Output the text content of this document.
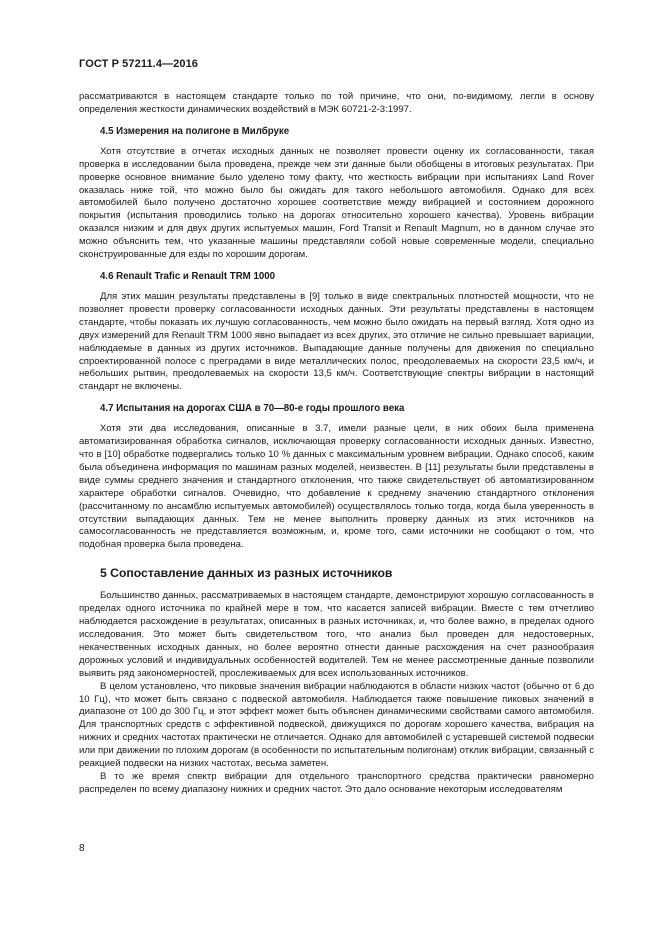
ГОСТ Р 57211.4—2016

рассматриваются в настоящем стандарте только по той причине, что они, по-видимому, легли в основу определения жесткости динамических воздействий в МЭК 60721-2-3:1997.

4.5 Измерения на полигоне в Милбруке

Хотя отсутствие в отчетах исходных данных не позволяет провести оценку их согласованности, такая проверка в исследовании была проведена, прежде чем эти данные были обобщены в итоговых результатах. При проверке основное внимание было уделено тому факту, что жесткость вибрации при испытаниях Land Rover оказалась ниже той, что можно было бы ожидать для такого небольшого автомобиля. Однако для всех автомобилей было получено достаточно хорошее соответствие между вибрацией и состоянием дорожного покрытия (испытания проводились только на дорогах относительно хорошего качества). Уровень вибрации оказался низким и для двух других испытуемых машин, Ford Transit и Renault Magnum, но в данном случае это можно объяснить тем, что указанные машины представляли собой новые современные модели, специально сконструированные для езды по хорошим дорогам.

4.6 Renault Trafic и Renault TRM 1000

Для этих машин результаты представлены в [9] только в виде спектральных плотностей мощности, что не позволяет провести проверку согласованности исходных данных. Эти результаты представлены в настоящем стандарте, чтобы показать их лучшую согласованность, чем можно было ожидать на первый взгляд. Хотя одно из двух измерений для Renault TRM 1000 явно выпадает из всех других, это отличие не сильно превышает вариации, наблюдаемые в данных из других источников. Выпадающие данные получены для движения по специально спроектированной полосе с преградами в виде металлических полос, преодолеваемых на скорости 23,5 км/ч, и небольших рытвин, преодолеваемых на скорости 13,5 км/ч. Соответствующие спектры вибрации в настоящий стандарт не включены.

4.7 Испытания на дорогах США в 70—80-е годы прошлого века

Хотя эти два исследования, описанные в 3.7, имели разные цели, в них обоих была применена автоматизированная обработка сигналов, исключающая проверку согласованности исходных данных. Известно, что в [10] обработке подвергались только 10 % данных с максимальным уровнем вибрации. Однако способ, каким была объединена информация по машинам разных моделей, неизвестен. В [11] результаты были представлены в виде суммы среднего значения и стандартного отклонения, что также свидетельствует об автоматизированном характере обработки сигналов. Очевидно, что добавление к среднему значению стандартного отклонения (рассчитанному по ансамблю испытуемых автомобилей) осуществлялось только тогда, когда была уверенность в отсутствии выпадающих данных. Тем не менее выполнить проверку данных из этих источников на самосогласованность не представляется возможным, и, кроме того, сами источники не сообщают о том, что подобная проверка была проведена.

5 Сопоставление данных из разных источников

Большинство данных, рассматриваемых в настоящем стандарте, демонстрируют хорошую согласованность в пределах одного источника по крайней мере в том, что касается записей вибрации. Вместе с тем отчетливо наблюдается расхождение в результатах, описанных в разных источниках, и, что более важно, в пределах одного исследования. Это может быть свидетельством того, что анализ был проведен для недостоверных, некачественных исходных данных, но более вероятно отнести данные расхождения на счет разнообразия дорожных условий и индивидуальных особенностей водителей. Тем не менее рассмотренные данные позволили выявить ряд закономерностей, прослеживаемых для всех использованных источников.

В целом установлено, что пиковые значения вибрации наблюдаются в области низких частот (обычно от 6 до 10 Гц), что может быть связано с подвеской автомобиля. Наблюдается также повышение пиковых значений в диапазоне от 100 до 300 Гц, и этот эффект может быть объяснен динамическими свойствами самого автомобиля. Для транспортных средств с эффективной подвеской, движущихся по дорогам хорошего качества, вибрация на нижних и средних частотах практически не отличается. Однако для автомобилей с устаревшей системой подвески или при движении по плохим дорогам (в особенности по испытательным полигонам) отклик вибрации, связанный с реакцией подвески на низких частотах, весьма заметен.

В то же время спектр вибрации для отдельного транспортного средства практически равномерно распределен по всему диапазону нижних и средних частот. Это дало основание некоторым исследователям

8
